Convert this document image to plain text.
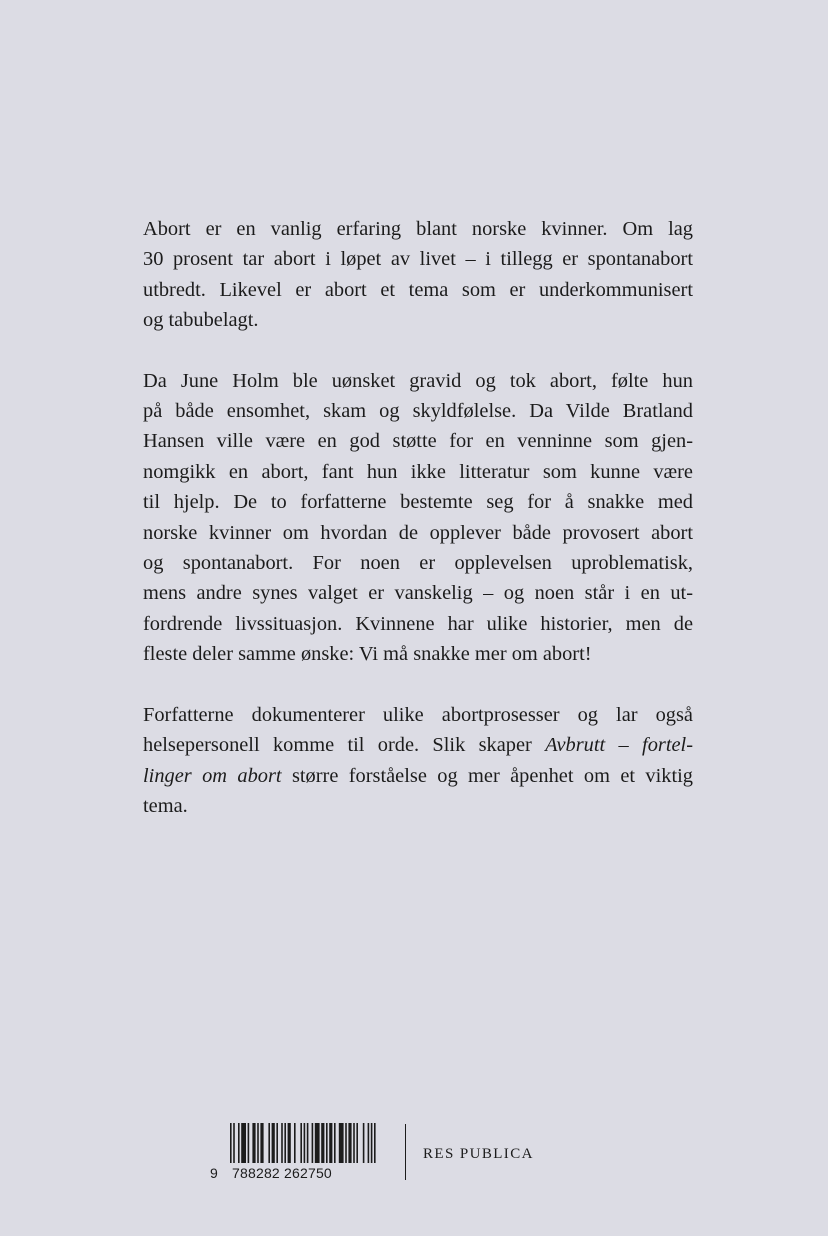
Abort er en vanlig erfaring blant norske kvinner. Om lag
30 prosent tar abort i løpet av livet – i tillegg er spontanabort
utbredt. Likevel er abort et tema som er underkommunisert
og tabubelagt.

Da June Holm ble uønsket gravid og tok abort, følte hun
på både ensomhet, skam og skyldfølelse. Da Vilde Bratland
Hansen ville være en god støtte for en venninne som gjen-
nomgikk en abort, fant hun ikke litteratur som kunne være
til hjelp. De to forfatterne bestemte seg for å snakke med
norske kvinner om hvordan de opplever både provosert abort
og spontanabort. For noen er opplevelsen uproblematisk,
mens andre synes valget er vanskelig – og noen står i en ut-
fordrende livssituasjon. Kvinnene har ulike historier, men de
fleste deler samme ønske: Vi må snakke mer om abort!

Forfatterne dokumenterer ulike abortprosesser og lar også
helsepersonell komme til orde. Slik skaper Avbrutt – fortel-
linger om abort større forståelse og mer åpenhet om et viktig
tema.

9 788282 262750
RES PUBLICA
